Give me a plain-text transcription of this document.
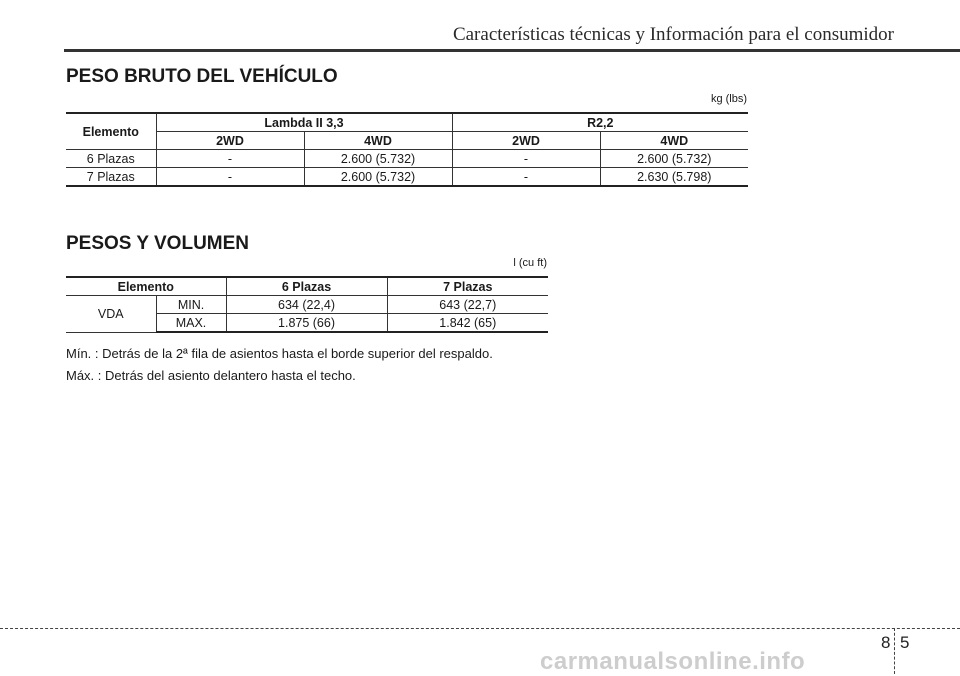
Características técnicas y Información para el consumidor
PESO BRUTO DEL VEHÍCULO
kg (lbs)
Elemento	Lambda II 3,3		R2,2	
	2WD	4WD	2WD	4WD
6 Plazas	-	2.600 (5.732)	-	2.600 (5.732)
7 Plazas	-	2.600 (5.732)	-	2.630 (5.798)
PESOS Y VOLUMEN
l (cu ft)
Elemento		6 Plazas	7 Plazas
VDA	MIN.	634 (22,4)	643 (22,7)
	MAX.	1.875 (66)	1.842 (65)
Mín. : Detrás de la 2ª fila de asientos hasta el borde superior del respaldo.
Máx. : Detrás del asiento delantero hasta el techo.
8 5
carmanualsonline.info
